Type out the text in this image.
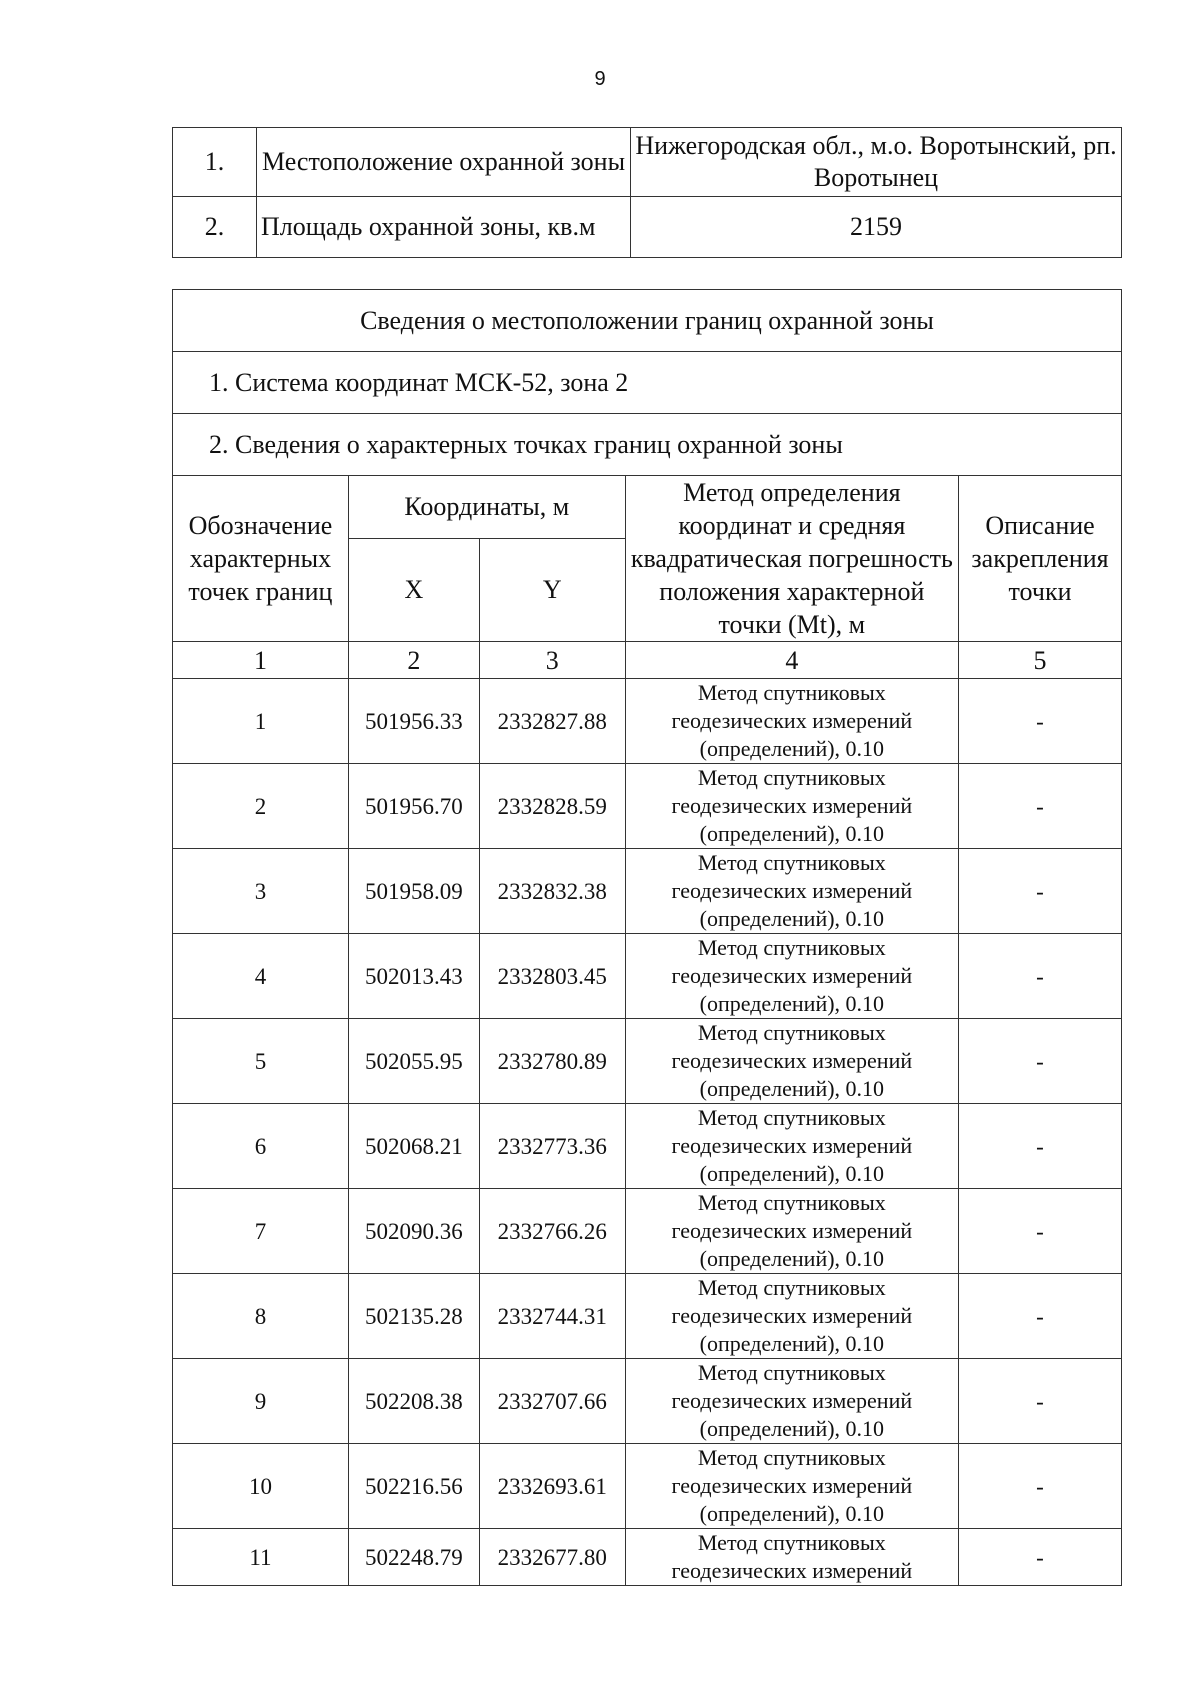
9
1.	Местоположение охранной зоны	Нижегородская обл., м.о. Воротынский, рп. Воротынец
2.	Площадь охранной зоны, кв.м	2159
Сведения о местоположении границ охранной зоны				
1. Система координат МСК-52, зона 2				
2. Сведения о характерных точках границ охранной зоны				
Обозначение характерных точек границ	Координаты, м		Метод определения координат и средняя квадратическая погрешность положения характерной точки (Mt), м	Описание закрепления точки
	X	Y		
1	2	3	4	5
1	501956.33	2332827.88	Метод спутниковых геодезических измерений (определений), 0.10	-
2	501956.70	2332828.59	Метод спутниковых геодезических измерений (определений), 0.10	-
3	501958.09	2332832.38	Метод спутниковых геодезических измерений (определений), 0.10	-
4	502013.43	2332803.45	Метод спутниковых геодезических измерений (определений), 0.10	-
5	502055.95	2332780.89	Метод спутниковых геодезических измерений (определений), 0.10	-
6	502068.21	2332773.36	Метод спутниковых геодезических измерений (определений), 0.10	-
7	502090.36	2332766.26	Метод спутниковых геодезических измерений (определений), 0.10	-
8	502135.28	2332744.31	Метод спутниковых геодезических измерений (определений), 0.10	-
9	502208.38	2332707.66	Метод спутниковых геодезических измерений (определений), 0.10	-
10	502216.56	2332693.61	Метод спутниковых геодезических измерений (определений), 0.10	-
11	502248.79	2332677.80	Метод спутниковых геодезических измерений	-
